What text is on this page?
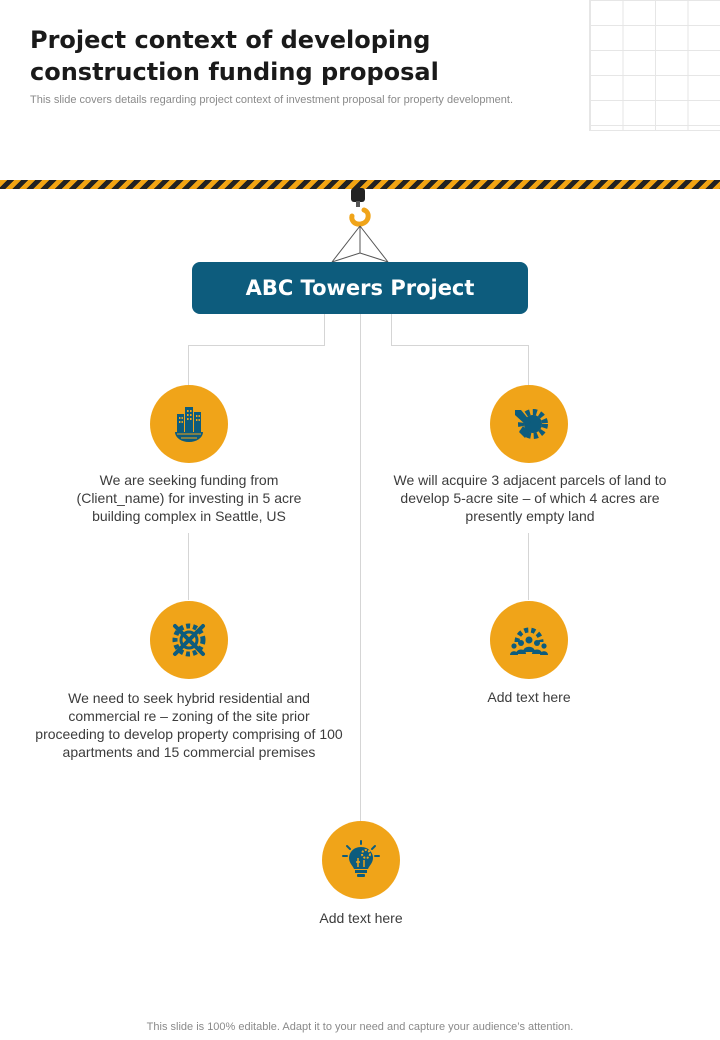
Project context of developing construction funding proposal
This slide covers details regarding project context of investment proposal for property development.
ABC Towers Project
We are seeking funding from (Client_name) for investing in 5 acre building complex in Seattle, US
We will acquire 3 adjacent parcels of land to develop 5-acre site – of which 4 acres are presently empty land
We need to seek hybrid residential and commercial re – zoning of the site prior proceeding to develop property comprising of 100 apartments and 15 commercial premises
Add text here
Add text here
This slide is 100% editable. Adapt it to your need and capture your audience’s attention.
